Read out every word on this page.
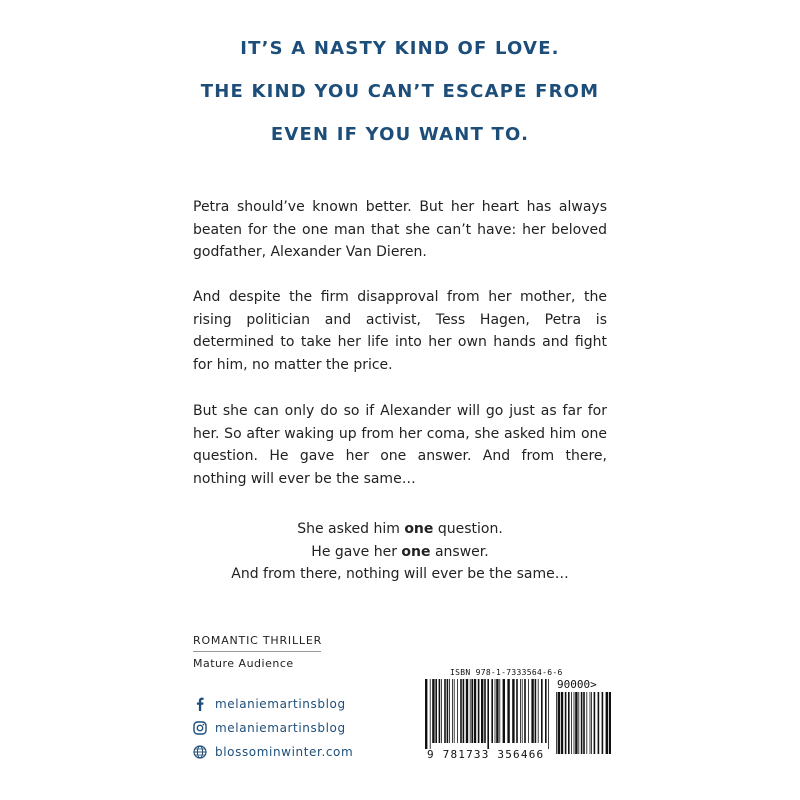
IT’S A NASTY KIND OF LOVE.
THE KIND YOU CAN’T ESCAPE FROM
EVEN IF YOU WANT TO.

Petra should’ve known better. But her heart has always beaten for the one man that she can’t have: her beloved godfather, Alexander Van Dieren.

And despite the firm disapproval from her mother, the rising politician and activist, Tess Hagen, Petra is determined to take her life into her own hands and fight for him, no matter the price.

But she can only do so if Alexander will go just as far for her. So after waking up from her coma, she asked him one question. He gave her one answer. And from there, nothing will ever be the same…

She asked him one question.
He gave her one answer.
And from there, nothing will ever be the same…
ROMANTIC THRILLER
Mature Audience
melaniemartinsblog
melaniemartinsblog
blossominwinter.com
ISBN 978-1-7333564-6-6
90000>
9 781733 356466
